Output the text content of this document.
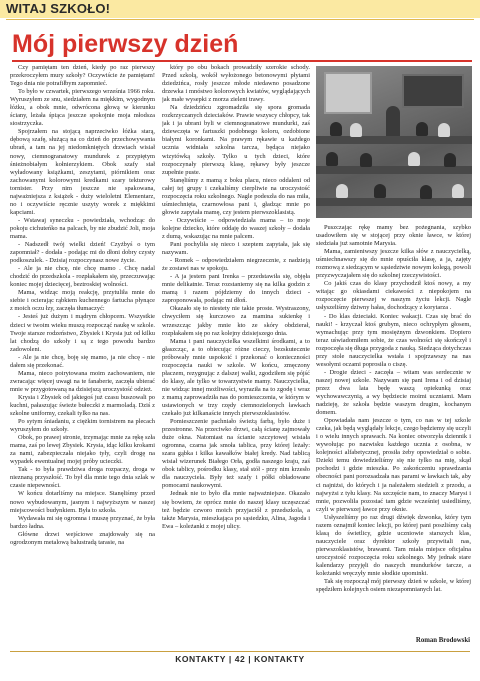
WITAJ SZKOŁO!
Mój pierwszy dzień

Czy pamiętam ten dzień, kiedy po raz pierwszy przekroczyłem mury szkoły? Oczywiście że pamiętam! Tego dnia nie potrafiłbym zapomnieć.

To było w czwartek, pierwszego września 1966 roku. Wyruszyłem ze snu, siedziałem na miękkim, wygodnym łóżku, a obok mnie, odwrócona głową w kierunku ściany, leżała śpiąca jeszcze spokojnie moja młodsza siostrzyczka.

Spojrzałem na stojącą naprzeciwko łóżka starą, dębową szafę, służącą na co dzień do przechowywania ubrań, a tam na jej niedomkniętych drzwiach wisiał nowy, ciemnogranatowy mundurek z przypiętym śnieżnobiałym kołnierzykiem. Obok szafy stał wyładowany książkami, zeszytami, piórnikiem oraz zachowanymi kolorowymi kredkami szary tekturowy tornister. Przy nim jeszcze nie spakowana, najważniejsza z książek - duży wieloletni Elementarz, no i oczywiście ręcznie uszyty worek z miękkimi kapciami.

- Wstawaj syneczku - powiedziała, wchodząc do pokoju cichuteńko na palcach, by nie zbudzić Joli, moja mama.

- Nadszedł twój wielki dzień! Czyżbyś o tym zapomniał? - dodała - podając mi do dłoni dobry czysty podkoszulek. - Dzisiaj rozpoczynasz nowe życie.

- Ale ja nie chcę, nie chcę mamo . Chcę nadal chodzić do przedszkola - rozpłakałem się, przeczuwając koniec mojej dziecięcej, beztroskiej wolności.

Mama, widząc moją reakcję, przytuliła mnie do siebie i ocierając rąbkiem kuchennego fartucha płynące z moich oczu łzy, zaczęła tłumaczyć:

- Jesteś już dużym i mądrym chłopcem. Wszystkie dzieci w twoim wieku muszą rozpocząć naukę w szkole. Twoje starsze rodzeństwo, Zbysiek i Krysia już od kilku lat chodzą do szkoły i są z tego powodu bardzo zadowoleni.

- Ale ja nie chcę, boję się mamo, ja nie chcę - nie dałem się przekonać.

Mama, nieco poirytowana moim zachowaniem, nie zwracając więcej uwagi na te fanaberie, zaczęła ubierać mnie w przygotowaną na dzisiejszą uroczystość odzież.

Krysia i Zbysiek od jakiegoś już czasu buszowali po kuchni, pałaszując świeże bułeczki z marmoladą. Dziś z szkolne uniformy, czekali tylko na nas.

Po sytym śniadaniu, z ciężkim tornistrem na plecach wyruszyłem do szkoły.

Obok, po prawej stronie, trzymając mnie za rękę szła mama, zaś po lewej Zbysiek. Krysia, idąc kilku krokami za nami, zabezpieczała niejako tyły, czyli drogę na wypadek ewentualnej mojej próby ucieczki.

Tak - to była prawdziwa droga rozpaczy, droga w nieznaną przyszłość. To był dla mnie tego dnia szlak w czasie niepewności.

W końcu dotarliśmy na miejsce. Stanęliśmy przed nowo wybudowanym, jasnym i najwyższym w naszej miejscowości budynkiem. Była to szkoła.

Wydawała mi się ogromna i muszę przyznać, że była bardzo ładna.

Główne drzwi wejściowe znajdowały się na ogrodzonym metalową balustradą tarasie, na

który po obu bokach prowadziły szerokie schody. Przed szkołą, wokół wyłożonego betonowymi płytami dziedzińca, rosły jeszcze młode niedawno posadzone drzewka i mnóstwo kolorowych kwiatów, wyglądających jak małe wysepki z morza zieleni trawy.

Na dziedzińcu zgromadziła się spora gromada rozkrzyczanych dzieciaków. Prawie wszyscy chłopcy, tak jak i ja ubrani byli w ciemnogranatowe mundurki, zaś dziewczęta w fartuszki podobnego koloru, ozdobione białymi koronkami. Na prawym rękawie u każdego ucznia widniała szkolna tarcza, będąca niejako wizytówką szkoły. Tylko u tych dzieci, które rozpoczynały pierwszą klasę, rękawy były jeszcze zupełnie puste.

Stanęliśmy z mamą z boku placu, nieco oddaleni od całej tej grupy i czekaliśmy cierpliwie na uroczystość rozpoczęcia roku szkolnego. Nagle podeszła do nas miła, uśmiechnięta, czarnowłosa pani i, gładząc mnie po głowie zapytała mamę, czy jestem pierwszoklasistą.

- Oczywiście – odpowiedziała mama – to moje kolejne dziecko, które oddaję do waszej szkoły – dodała z dumą, wskazując na mnie palcem.

Pani pochyliła się nieco i szeptem zapytała, jak się nazywam.

- Romek – odpowiedziałem niegrzecznie, z nadzieją że zostawi nas w spokoju.

- A ja jestem pani Irenka – przedstawiła się, objęła mnie delikatnie. Teraz rozstaniemy się na kilka godzin z mamą i razem pójdziemy do innych dzieci - zaproponowała, podając mi dłoń.

Okazało się to niestety nie takie proste. Wystraszony, chwyciłem się kurczowo za mamina sukienkę i wrzeszcząc jakby mnie kto ze skóry obdzierał, rozpłakałem się po raz kolejny dzisiejszego dnia.

Mama i pani nauczycielka wszelkimi środkami, a to głaszcząc, a to obiecując różne cieczy, bezskutecznie próbowały mnie uspokoić i przekonać o konieczności rozpoczęcia nauki w szkole. W końcu, zmęczony płaczem, rezygnując z dalszej walki, zgodziłem się pójść do klasy, ale tylko w towarzystwie mamy. Nauczycielka, nie widząc innej możliwości, wyraziła na to zgodę i wraz z mamą zaprowadziła nas do pomieszczenia, w którym w ustawionych w trzy rzędy ciemnozielonych ławkach czekało już kilkanaście innych pierwszoklasistów.

Pomieszczenie pachniało świeżą farbą, było duże i przestronne. Na przeciwko drzwi, całą ścianę zajmowały duże okna. Natomiast na ścianie szczytowej wisiała ogromna, czarna jak smoła tablica, przy której leżały: szara gąbka i kilka kawałków białej kredy. Nad tablicą wisiał wizerunek Białego Orła, godła naszego kraju, zaś obok tablicy, pośrodku klasy, stał stół - przy nim krzesło dla nauczyciela. Były też szafy i półki obładowane pomocami naukowymi.

Jednak nie to było dla mnie najważniejsze. Okazało się bowiem, że oprócz mnie do naszej klasy uczęszczać też będzie czworo moich przyjaciół z przedszkola, a także Marysia, mieszkająca po sąsiedzku, Alina, Jagoda i Ewa – koleżanki z mojej ulicy.

Puszczając rękę mamy bez pożegnania, szybko usadowiłem się w stojącej przy oknie ławce, w której siedziała już samotnie Marysia.

Mama, zamieniwszy jeszcze kilka słów z nauczycielką, uśmiechnawszy się do mnie opuściła klasę, a ja, zajęty rozmową z siedzącym w sąsiedztwie nowym kolegą, powoli przyzwyczajałem się do szkolnej rzeczywistości.

Co jakiś czas do klasy przychodził ktoś nowy, a my witając go okiasdami ciekawości z niepokojem na rozpoczęcie pierwszej w naszym życiu lekcji. Nagle usłyszeliśmy dziwny hałas, dochodzący z korytarza .

- Do klas dzieciaki. Koniec wakacji. Czas się brać do nauki! - krzyczał ktoś grubym, nieco ochrypłym głosem, wymachując przy tym mosiężnym dzwonkiem. Dopiero teraz uświadomiłem sobie, że czas wolności się skończył i rozpoczęła się długa przygoda z nauką. Siedząca dotychczas przy stole nauczycielka wstała i spojrzawszy na nas wesołymi oczami poprosiła o ciszę.

- Drogie dzieci - zaczęła – witam was serdecznie w naszej nowej szkole. Nazywam się pani Irena i od dzisiaj przez dwa lata będę waszą opiekunką oraz wychowawczynią, a wy będziecie moimi uczniami. Mam nadzieję, że szkoła będzie waszym drugim, kochanym domem.

Opowiadała nam jeszcze o tym, co nas w tej szkole czeka, jak będą wyglądały lekcje, czego będziemy się uczyli i o wielu innych sprawach. Na koniec otworzyła dziennik i wywołując po nazwisku każdego ucznia z osobna, w kolejności alfabetycznej, prosiła żeby opowiedział o sobie. Dzieki temu dowiedzieliśmy się nie tylko na mię, skąd pochodzi i gdzie mieszka. Po zakończeniu sprawdzania obecności pani porozsadzała nas parami w ławkach tak, aby ci najniżsi, do których i ja należałem siedzieli z przodu, a najwyżsi z tyłu klasy. Na szczęście nam, to znaczy Marysi i mnie, pozwoliła pozostać tam gdzie wcześniej usiedliśmy, czyli w pierwszej ławce przy oknie.

Usłyszeliśmy po raz drugi dźwięk dzwonka, który tym razem oznajmił koniec lekcji, po której pani poszliśmy całą klasą do świetlicy, gdzie uczniowie starszych klas, nauczyciele oraz dyrektor szkoły przywitali nas, pierwszoklasistów, brawami. Tam miała miejsce oficjalna uroczystość rozpoczęcia roku szkolnego. My jednak stare kalendarzy przyjęli do naszych mundurków tarcze, a koleżanki wręczyły mnie słodkie upominki.

Tak się rozpoczął mój pierwszy dzień w szkole, w której spędziłem kolejnych osiem niezapomnianych lat.

Roman Brodowski
KONTAKTY | 42 | KONTAKTY
